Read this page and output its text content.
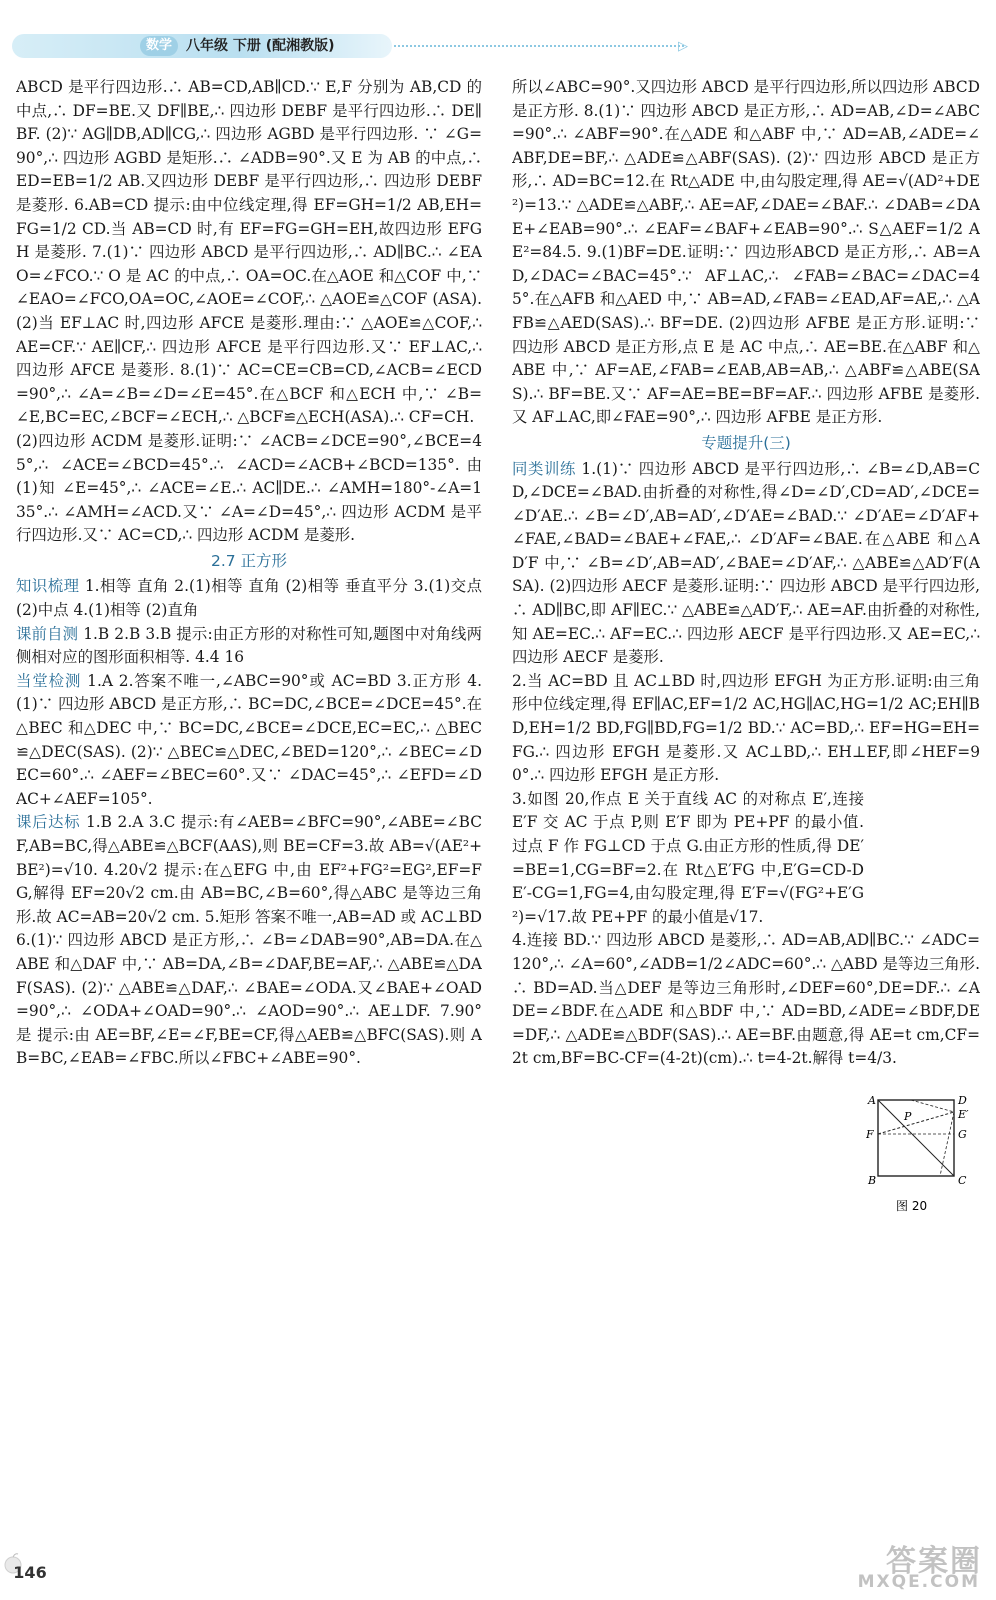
数学	八年级 下册 (配湘教版)	▷

ABCD 是平行四边形.∴ AB=CD,AB∥CD.∵ E,F 分别为 AB,CD 的中点,∴ DF=BE.又 DF∥BE,∴ 四边形 DEBF 是平行四边形.∴ DE∥BF. (2)∵ AG∥DB,AD∥CG,∴ 四边形 AGBD 是平行四边形. ∵ ∠G=90°,∴ 四边形 AGBD 是矩形.∴ ∠ADB=90°.又 E 为 AB 的中点,∴ ED=EB=1/2 AB.又四边形 DEBF 是平行四边形,∴ 四边形 DEBF 是菱形. 6.AB=CD 提示:由中位线定理,得 EF=GH=1/2 AB,EH=FG=1/2 CD.当 AB=CD 时,有 EF=FG=GH=EH,故四边形 EFGH 是菱形. 7.(1)∵ 四边形 ABCD 是平行四边形,∴ AD∥BC.∴ ∠EAO=∠FCO.∵ O 是 AC 的中点,∴ OA=OC.在△AOE 和△COF 中,∵ ∠EAO=∠FCO,OA=OC,∠AOE=∠COF,∴ △AOE≌△COF (ASA). (2)当 EF⊥AC 时,四边形 AFCE 是菱形.理由:∵ △AOE≌△COF,∴ AE=CF.∵ AE∥CF,∴ 四边形 AFCE 是平行四边形.又∵ EF⊥AC,∴ 四边形 AFCE 是菱形. 8.(1)∵ AC=CE=CB=CD,∠ACB=∠ECD=90°,∴ ∠A=∠B=∠D=∠E=45°.在△BCF 和△ECH 中,∵ ∠B=∠E,BC=EC,∠BCF=∠ECH,∴ △BCF≌△ECH(ASA).∴ CF=CH.

(2)四边形 ACDM 是菱形.证明:∵ ∠ACB=∠DCE=90°,∠BCE=45°,∴ ∠ACE=∠BCD=45°.∴ ∠ACD=∠ACB+∠BCD=135°.由(1)知 ∠E=45°,∴ ∠ACE=∠E.∴ AC∥DE.∴ ∠AMH=180°-∠A=135°.∴ ∠AMH=∠ACD.又∵ ∠A=∠D=45°,∴ 四边形 ACDM 是平行四边形.又∵ AC=CD,∴ 四边形 ACDM 是菱形.

2.7 正方形

知识梳理 1.相等 直角 2.(1)相等 直角 (2)相等 垂直平分 3.(1)交点 (2)中点 4.(1)相等 (2)直角

课前自测 1.B 2.B 3.B 提示:由正方形的对称性可知,题图中对角线两侧相对应的图形面积相等. 4.4 16

当堂检测 1.A 2.答案不唯一,∠ABC=90°或 AC=BD 3.正方形 4.(1)∵ 四边形 ABCD 是正方形,∴ BC=DC,∠BCE=∠DCE=45°.在△BEC 和△DEC 中,∵ BC=DC,∠BCE=∠DCE,EC=EC,∴ △BEC≌△DEC(SAS). (2)∵ △BEC≌△DEC,∠BED=120°,∴ ∠BEC=∠DEC=60°.∴ ∠AEF=∠BEC=60°.又∵ ∠DAC=45°,∴ ∠EFD=∠DAC+∠AEF=105°.

课后达标 1.B 2.A 3.C 提示:有∠AEB=∠BFC=90°,∠ABE=∠BCF,AB=BC,得△ABE≌△BCF(AAS),则 BE=CF=3.故 AB=√(AE²+BE²)=√10. 4.20√2 提示:在△EFG 中,由 EF²+FG²=EG²,EF=FG,解得 EF=20√2 cm.由 AB=BC,∠B=60°,得△ABC 是等边三角形.故 AC=AB=20√2 cm. 5.矩形 答案不唯一,AB=AD 或 AC⊥BD 6.(1)∵ 四边形 ABCD 是正方形,∴ ∠B=∠DAB=90°,AB=DA.在△ABE 和△DAF 中,∵ AB=DA,∠B=∠DAF,BE=AF,∴ △ABE≌△DAF(SAS). (2)∵ △ABE≌△DAF,∴ ∠BAE=∠ODA.又∠BAE+∠OAD=90°,∴ ∠ODA+∠OAD=90°.∴ ∠AOD=90°.∴ AE⊥DF. 7.90° 是 提示:由 AE=BF,∠E=∠F,BE=CF,得△AEB≌△BFC(SAS).则 AB=BC,∠EAB=∠FBC.所以∠FBC+∠ABE=90°.

所以∠ABC=90°.又四边形 ABCD 是平行四边形,所以四边形 ABCD 是正方形. 8.(1)∵ 四边形 ABCD 是正方形,∴ AD=AB,∠D=∠ABC=90°.∴ ∠ABF=90°.在△ADE 和△ABF 中,∵ AD=AB,∠ADE=∠ABF,DE=BF,∴ △ADE≌△ABF(SAS). (2)∵ 四边形 ABCD 是正方形,∴ AD=BC=12.在 Rt△ADE 中,由勾股定理,得 AE=√(AD²+DE²)=13.∵ △ADE≌△ABF,∴ AE=AF,∠DAE=∠BAF.∴ ∠DAB=∠DAE+∠EAB=90°.∴ ∠EAF=∠BAF+∠EAB=90°.∴ S△AEF=1/2 AE²=84.5. 9.(1)BF=DE.证明:∵ 四边形ABCD 是正方形,∴ AB=AD,∠DAC=∠BAC=45°.∵ AF⊥AC,∴ ∠FAB=∠BAC=∠DAC=45°.在△AFB 和△AED 中,∵ AB=AD,∠FAB=∠EAD,AF=AE,∴ △AFB≌△AED(SAS).∴ BF=DE. (2)四边形 AFBE 是正方形.证明:∵ 四边形 ABCD 是正方形,点 E 是 AC 中点,∴ AE=BE.在△ABF 和△ABE 中,∵ AF=AE,∠FAB=∠EAB,AB=AB,∴ △ABF≌△ABE(SAS).∴ BF=BE.又∵ AF=AE=BE=BF=AF.∴ 四边形 AFBE 是菱形.又 AF⊥AC,即∠FAE=90°,∴ 四边形 AFBE 是正方形.

专题提升(三)

同类训练 1.(1)∵ 四边形 ABCD 是平行四边形,∴ ∠B=∠D,AB=CD,∠DCE=∠BAD.由折叠的对称性,得∠D=∠D′,CD=AD′,∠DCE=∠D′AE.∴ ∠B=∠D′,AB=AD′,∠D′AE=∠BAD.∵ ∠D′AE=∠D′AF+∠FAE,∠BAD=∠BAE+∠FAE,∴ ∠D′AF=∠BAE.在△ABE 和△AD′F 中,∵ ∠B=∠D′,AB=AD′,∠BAE=∠D′AF,∴ △ABE≌△AD′F(ASA). (2)四边形 AECF 是菱形.证明:∵ 四边形 ABCD 是平行四边形,∴ AD∥BC,即 AF∥EC.∵ △ABE≌△AD′F,∴ AE=AF.由折叠的对称性,知 AE=EC.∴ AF=EC.∴ 四边形 AECF 是平行四边形.又 AE=EC,∴ 四边形 AECF 是菱形.

2.当 AC=BD 且 AC⊥BD 时,四边形 EFGH 为正方形.证明:由三角形中位线定理,得 EF∥AC,EF=1/2 AC,HG∥AC,HG=1/2 AC;EH∥BD,EH=1/2 BD,FG∥BD,FG=1/2 BD.∵ AC=BD,∴ EF=HG=EH=FG.∴ 四边形 EFGH 是菱形.又 AC⊥BD,∴ EH⊥EF,即∠HEF=90°.∴ 四边形 EFGH 是正方形.

3.如图 20,作点 E 关于直线 AC 的对称点 E′,连接 E′F 交 AC 于点 P,则 E′F 即为 PE+PF 的最小值.过点 F 作 FG⊥CD 于点 G.由正方形的性质,得 DE′=BE=1,CG=BF=2.在 Rt△E′FG 中,E′G=CD-DE′-CG=1,FG=4,由勾股定理,得 E′F=√(FG²+E′G²)=√17.故 PE+PF 的最小值是√17.

4.连接 BD.∵ 四边形 ABCD 是菱形,∴ AD=AB,AD∥BC.∵ ∠ADC=120°,∴ ∠A=60°,∠ADB=1/2∠ADC=60°.∴ △ABD 是等边三角形.∴ BD=AD.当△DEF 是等边三角形时,∠DEF=60°,DE=DF.∴ ∠ADE=∠BDF.在△ADE 和△BDF 中,∵ AD=BD,∠ADE=∠BDF,DE=DF,∴ △ADE≌△BDF(SAS).∴ AE=BF.由题意,得 AE=t cm,CF=2t cm,BF=BC-CF=(4-2t)(cm).∴ t=4-2t.解得 t=4/3.

A	D
E′
G
F
P
B	C
图 20
146	答案圈
MXQE.COM
